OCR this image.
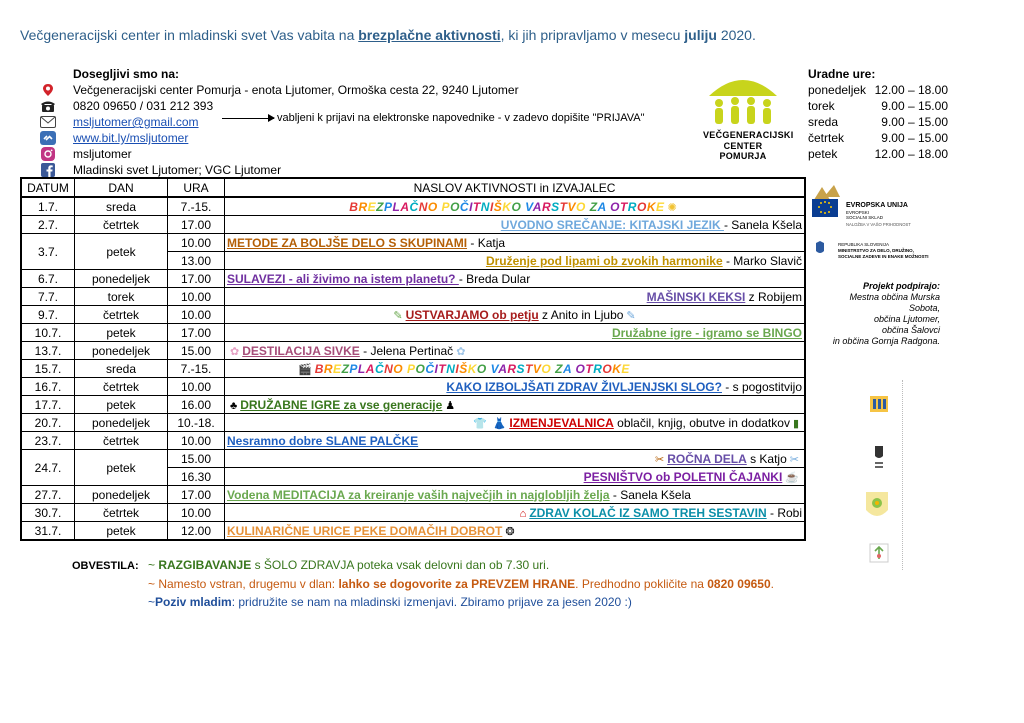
Večgeneracijski center in mladinski svet Vas vabita na brezplačne aktivnosti, ki jih pripravljamo v mesecu juliju 2020.
Dosegljivi smo na:
Večgeneracijski center Pomurja - enota Ljutomer, Ormoška cesta 22, 9240 Ljutomer
0820 09650 / 031 212 393
msljutomer@gmail.com
www.bit.ly/msljutomer
msljutomer
Mladinski svet Ljutomer; VGC Ljutomer
vabljeni k prijavi na elektronske napovednike - v zadevo dopišite "PRIJAVA"
VEČGENERACIJSKI
CENTER POMURJA
Uradne ure:
ponedeljek 12.00 – 18.00
torek	9.00 – 15.00
sreda	9.00 – 15.00
četrtek	9.00 – 15.00
petek	12.00 – 18.00
DATUM	DAN	URA	NASLOV AKTIVNOSTI in IZVAJALEC
1.7.	sreda	7.-15.	BREZPLAČNO POČITNIŠKO VARSTVO ZA OTROKE ✺
2.7.	četrtek	17.00	UVODNO SREČANJE: KITAJSKI JEZIK - Sanela Kšela
3.7.	petek	10.00	METODE ZA BOLJŠE DELO S SKUPINAMI - Katja
		13.00	Druženje pod lipami ob zvokih harmonike - Marko Slavič
6.7.	ponedeljek	17.00	SULAVEZI - ali živimo na istem planetu? - Breda Dular
7.7.	torek	10.00	MAŠINSKI KEKSI z Robijem
9.7.	četrtek	10.00	✎ USTVARJAMO ob petju z Anito in Ljubo ✎
10.7.	petek	17.00	Družabne igre - igramo se BINGO
13.7.	ponedeljek	15.00	✿ DESTILACIJA SIVKE - Jelena Pertinač ✿
15.7.	sreda	7.-15.	🎬 BREZPLAČNO POČITNIŠKO VARSTVO ZA OTROKE
16.7.	četrtek	10.00	KAKO IZBOLJŠATI ZDRAV ŽIVLJENJSKI SLOG? - s pogostitvijo
17.7.	petek	16.00	♣ DRUŽABNE IGRE za vse generacije ♟
20.7.	ponedeljek	10.-18.	👕 👗 IZMENJEVALNICA oblačil, knjig, obutve in dodatkov ▮
23.7.	četrtek	10.00	Nesramno dobre SLANE PALČKE
24.7.	petek	15.00	✂ ROČNA DELA s Katjo ✂
		16.30	PESNIŠTVO ob POLETNI ČAJANKI ☕
27.7.	ponedeljek	17.00	Vodena MEDITACIJA za kreiranje vaših največjih in najglobljih želja - Sanela Kšela
30.7.	četrtek	10.00	⌂ ZDRAV KOLAČ IZ SAMO TREH SESTAVIN - Robi
31.7.	petek	12.00	KULINARIČNE URICE PEKE DOMAČIH DOBROT ❂
OBVESTILA: ~ RAZGIBAVANJE s ŠOLO ZDRAVJA poteka vsak delovni dan ob 7.30 uri.
~ Namesto vstran, drugemu v dlan: lahko se dogovorite za PREVZEM HRANE. Predhodno pokličite na 0820 09650.
~Poziv mladim: pridružite se nam na mladinski izmenjavi. Zbiramo prijave za jesen 2020 :)
EVROPSKA UNIJA
EVROPSKI
SOCIALNI SKLAD
NALOŽBA V VAŠO PRIHODNOST
REPUBLIKA SLOVENIJA
MINISTRSTVO ZA DELO, DRUŽINO,
SOCIALNE ZADEVE IN ENAKE MOŽNOSTI
Projekt podpirajo:
Mestna občina Murska Sobota,
občina Ljutomer,
občina Šalovci
in občina Gornja Radgona.
